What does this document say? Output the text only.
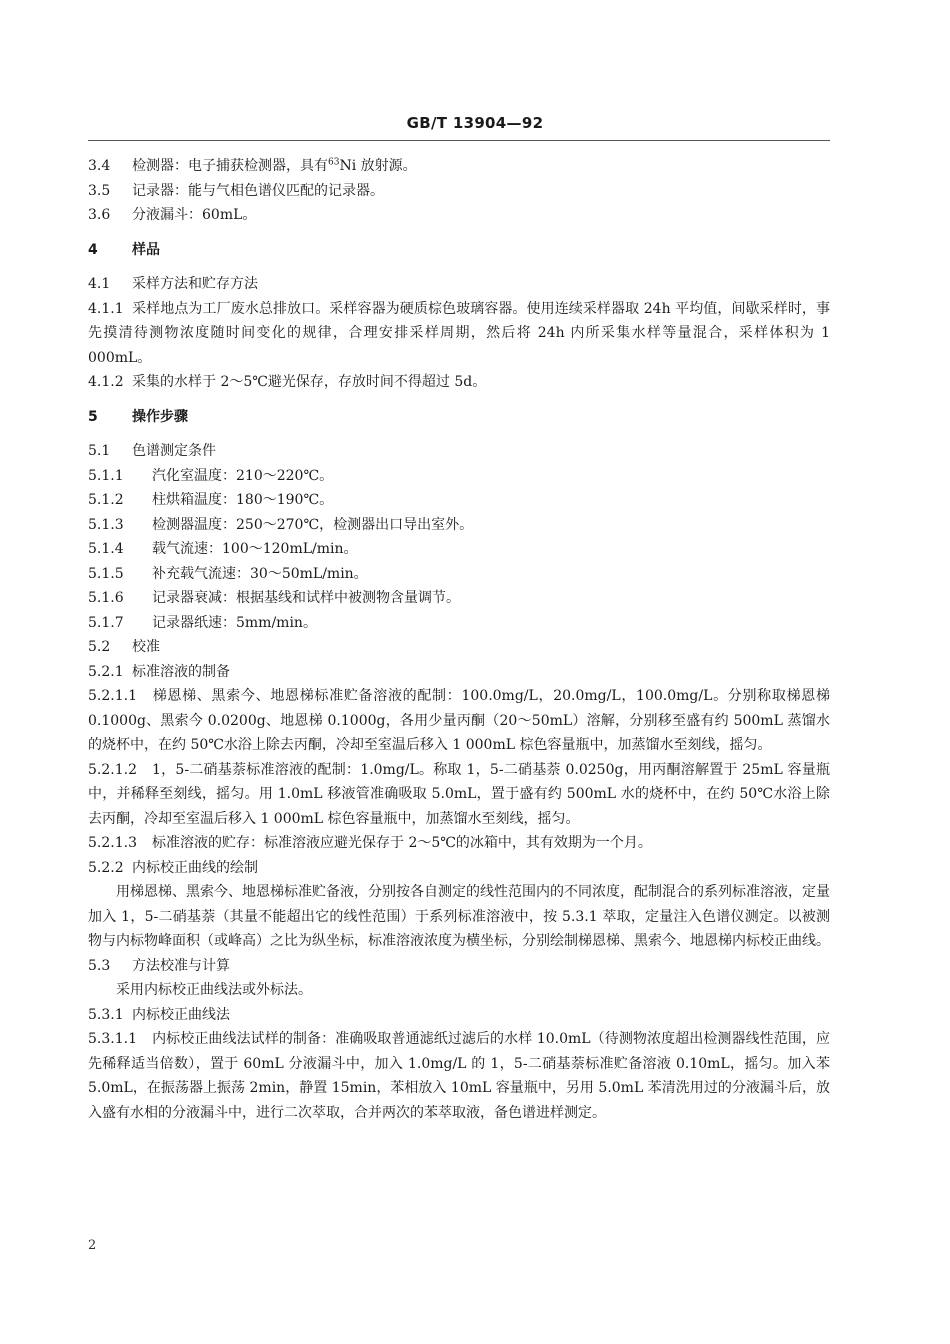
GB/T 13904—92
3.4 检测器：电子捕获检测器，具有$^{63}$Ni 放射源。
3.5 记录器：能与气相色谱仪匹配的记录器。
3.6 分液漏斗：60mL。
4 样品
4.1 采样方法和贮存方法
4.1.1 采样地点为工厂废水总排放口。采样容器为硬质棕色玻璃容器。使用连续采样器取 24h 平均值，间歇采样时，事先摸清待测物浓度随时间变化的规律，合理安排采样周期，然后将 24h 内所采集水样等量混合，采样体积为 1 000mL。
4.1.2 采集的水样于 2～5℃避光保存，存放时间不得超过 5d。
5 操作步骤
5.1 色谱测定条件
5.1.1 汽化室温度：210～220℃。
5.1.2 柱烘箱温度：180～190℃。
5.1.3 检测器温度：250～270℃，检测器出口导出室外。
5.1.4 载气流速：100～120mL/min。
5.1.5 补充载气流速：30～50mL/min。
5.1.6 记录器衰减：根据基线和试样中被测物含量调节。
5.1.7 记录器纸速：5mm/min。
5.2 校准
5.2.1 标准溶液的制备
5.2.1.1 梯恩梯、黑索今、地恩梯标准贮备溶液的配制：100.0mg/L，20.0mg/L，100.0mg/L。分别称取梯恩梯 0.1000g、黑索今 0.0200g、地恩梯 0.1000g，各用少量丙酮（20～50mL）溶解，分别移至盛有约 500mL 蒸馏水的烧杯中，在约 50℃水浴上除去丙酮，冷却至室温后移入 1 000mL 棕色容量瓶中，加蒸馏水至刻线，摇匀。
5.2.1.2 1，5-二硝基萘标准溶液的配制：1.0mg/L。称取 1，5-二硝基萘 0.0250g，用丙酮溶解置于 25mL 容量瓶中，并稀释至刻线，摇匀。用 1.0mL 移液管准确吸取 5.0mL，置于盛有约 500mL 水的烧杯中，在约 50℃水浴上除去丙酮，冷却至室温后移入 1 000mL 棕色容量瓶中，加蒸馏水至刻线，摇匀。
5.2.1.3 标准溶液的贮存：标准溶液应避光保存于 2～5℃的冰箱中，其有效期为一个月。
5.2.2 内标校正曲线的绘制
用梯恩梯、黑索今、地恩梯标准贮备液，分别按各自测定的线性范围内的不同浓度，配制混合的系列标准溶液，定量加入 1，5-二硝基萘（其量不能超出它的线性范围）于系列标准溶液中，按 5.3.1 萃取，定量注入色谱仪测定。以被测物与内标物峰面积（或峰高）之比为纵坐标，标准溶液浓度为横坐标，分别绘制梯恩梯、黑索今、地恩梯内标校正曲线。
5.3 方法校准与计算
采用内标校正曲线法或外标法。
5.3.1 内标校正曲线法
5.3.1.1 内标校正曲线法试样的制备：准确吸取普通滤纸过滤后的水样 10.0mL（待测物浓度超出检测器线性范围，应先稀释适当倍数），置于 60mL 分液漏斗中，加入 1.0mg/L 的 1，5-二硝基萘标准贮备溶液 0.10mL，摇匀。加入苯 5.0mL，在振荡器上振荡 2min，静置 15min，苯相放入 10mL 容量瓶中，另用 5.0mL 苯清洗用过的分液漏斗后，放入盛有水相的分液漏斗中，进行二次萃取，合并两次的苯萃取液，备色谱进样测定。
2
